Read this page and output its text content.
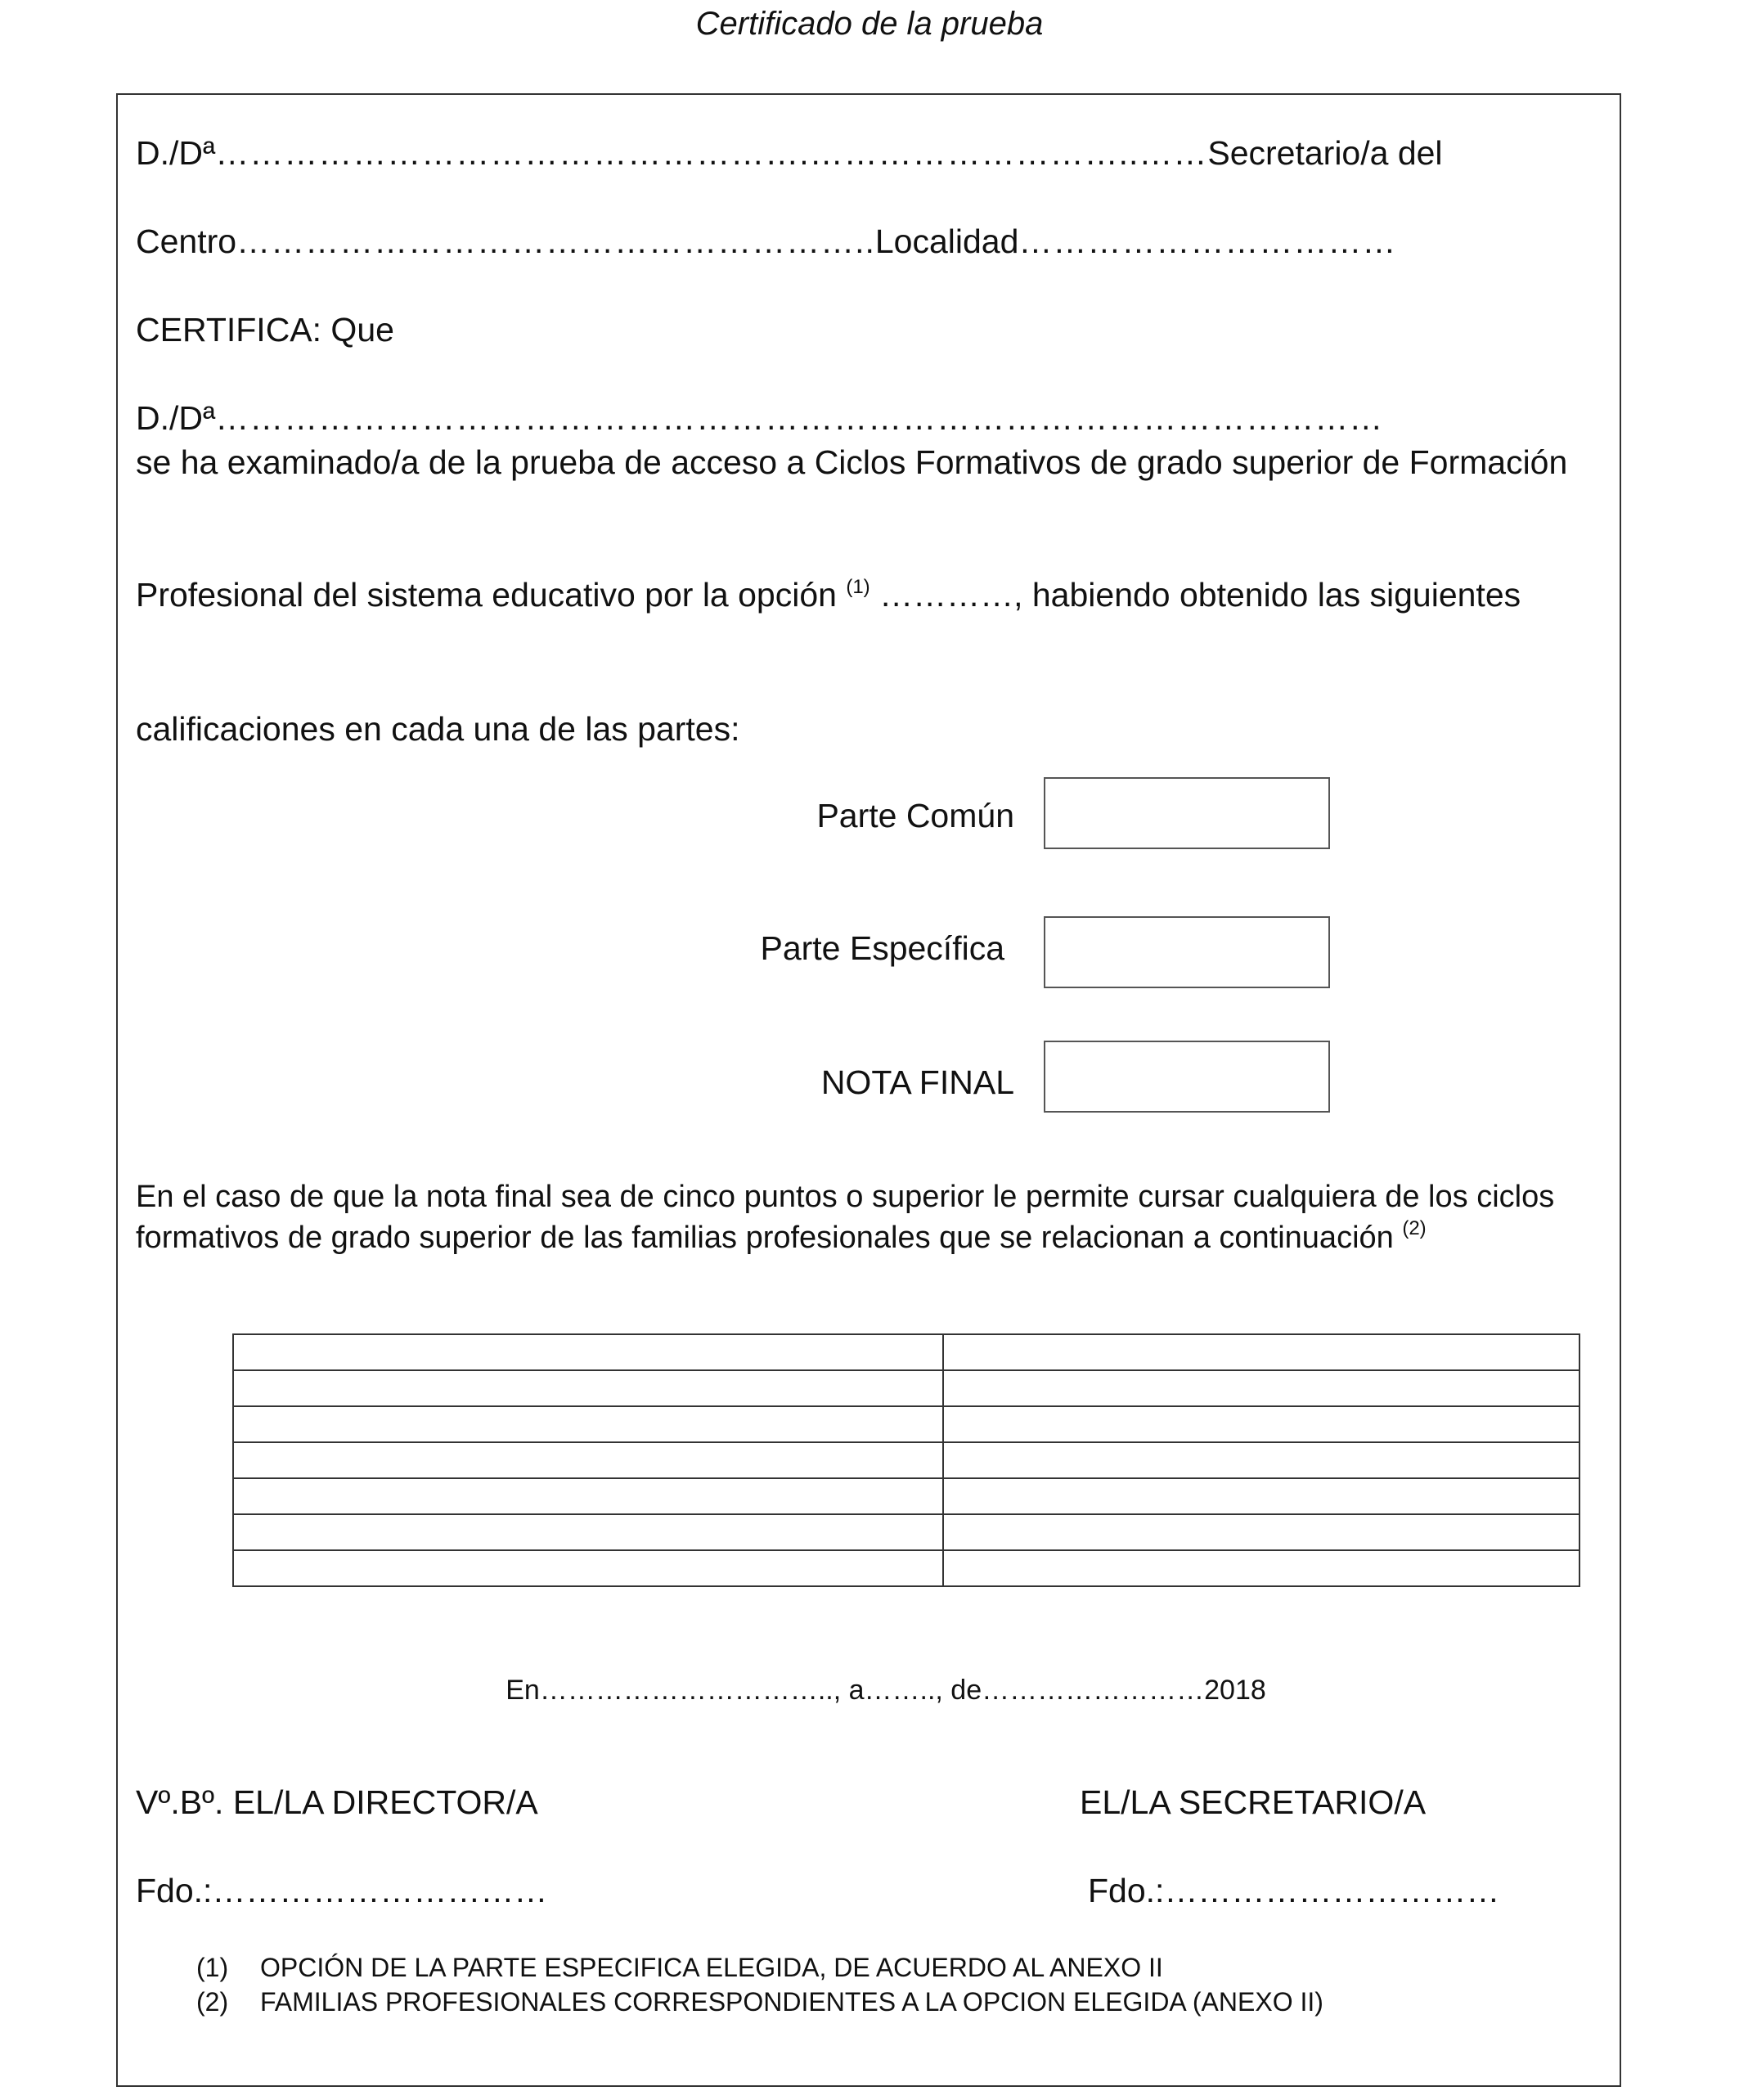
Certificado de la prueba
D./Dª…………………………………………….………………………..……Secretario/a del
Centro………………………………………………..Localidad……………………………
CERTIFICA: Que
D./Dª…………………………………………………………………………………………
se ha examinado/a de la prueba de acceso a Ciclos Formativos de grado superior de Formación
Profesional del sistema educativo por la opción $^{(1)}$ …………, habiendo obtenido las siguientes
calificaciones en cada una de las partes:
Parte Común
Parte Específica
NOTA FINAL
En el caso de que la nota final sea de cinco puntos o superior le permite cursar cualquiera de los ciclos formativos de grado superior de las familias profesionales que se relacionan a continuación $^{(2)}$

En………………………….., a…….., de……………………2018
Vº.Bº. EL/LA DIRECTOR/A	EL/LA SECRETARIO/A
Fdo.:…………………………	Fdo.:…………………………
(1)	OPCIÓN DE LA PARTE ESPECIFICA ELEGIDA, DE ACUERDO AL ANEXO II
(2)	FAMILIAS PROFESIONALES CORRESPONDIENTES A LA OPCION ELEGIDA (ANEXO II)
